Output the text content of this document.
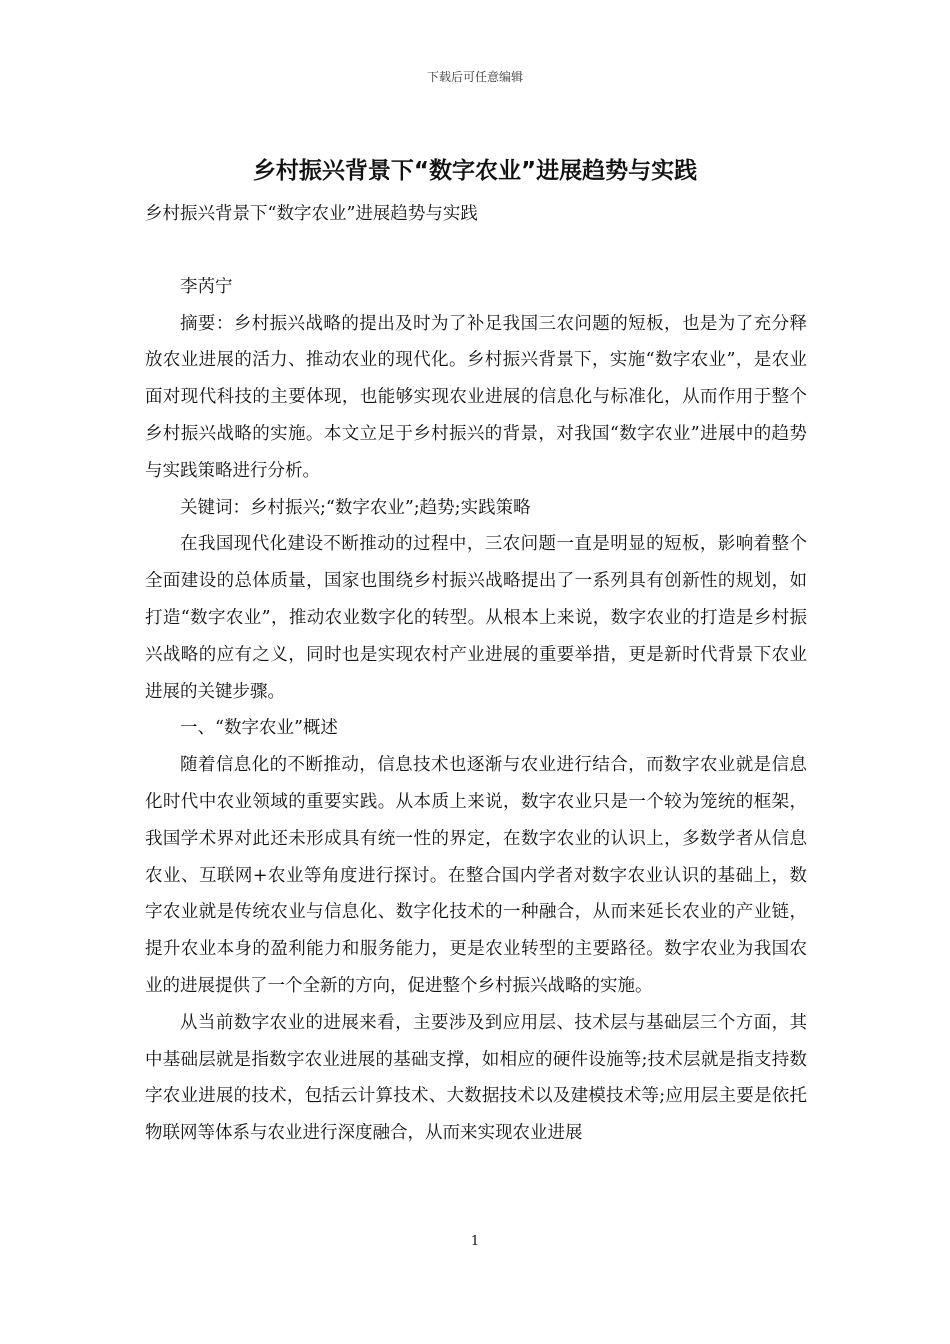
下载后可任意编辑
乡村振兴背景下“数字农业”进展趋势与实践

乡村振兴背景下“数字农业”进展趋势与实践

李芮宁

摘要：乡村振兴战略的提出及时为了补足我国三农问题的短板，也是为了充分释放农业进展的活力、推动农业的现代化。乡村振兴背景下，实施“数字农业”，是农业面对现代科技的主要体现，也能够实现农业进展的信息化与标准化，从而作用于整个乡村振兴战略的实施。本文立足于乡村振兴的背景，对我国“数字农业”进展中的趋势与实践策略进行分析。

关键词：乡村振兴;“数字农业”;趋势;实践策略

在我国现代化建设不断推动的过程中，三农问题一直是明显的短板，影响着整个全面建设的总体质量，国家也围绕乡村振兴战略提出了一系列具有创新性的规划，如打造“数字农业”，推动农业数字化的转型。从根本上来说，数字农业的打造是乡村振兴战略的应有之义，同时也是实现农村产业进展的重要举措，更是新时代背景下农业进展的关键步骤。

一、“数字农业”概述

随着信息化的不断推动，信息技术也逐渐与农业进行结合，而数字农业就是信息化时代中农业领域的重要实践。从本质上来说，数字农业只是一个较为笼统的框架，我国学术界对此还未形成具有统一性的界定，在数字农业的认识上，多数学者从信息农业、互联网+农业等角度进行探讨。在整合国内学者对数字农业认识的基础上，数字农业就是传统农业与信息化、数字化技术的一种融合，从而来延长农业的产业链，提升农业本身的盈利能力和服务能力，更是农业转型的主要路径。数字农业为我国农业的进展提供了一个全新的方向，促进整个乡村振兴战略的实施。

从当前数字农业的进展来看，主要涉及到应用层、技术层与基础层三个方面，其中基础层就是指数字农业进展的基础支撑，如相应的硬件设施等;技术层就是指支持数字农业进展的技术，包括云计算技术、大数据技术以及建模技术等;应用层主要是依托物联网等体系与农业进行深度融合，从而来实现农业进展

1
